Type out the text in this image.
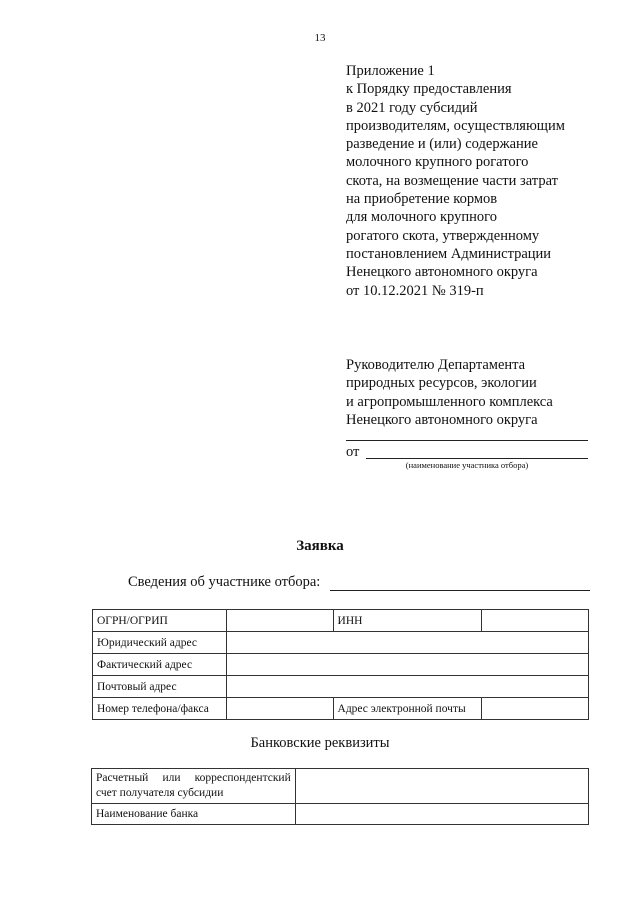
13
Приложение 1
к Порядку предоставления
в 2021 году субсидий
производителям, осуществляющим
разведение и (или) содержание
молочного крупного рогатого
скота, на возмещение части затрат
на приобретение кормов
для молочного крупного
рогатого скота, утвержденному
постановлением Администрации
Ненецкого автономного округа
от 10.12.2021 № 319-п
Руководителю Департамента
природных ресурсов, экологии
и агропромышленного комплекса
Ненецкого автономного округа
от
(наименование участника отбора)
Заявка
Сведения об участнике отбора:
ОГРН/ОГРИП		ИНН	
Юридический адрес			
Фактический адрес			
Почтовый адрес			
Номер телефона/факса		Адрес электронной почты	
Банковские реквизиты
Расчетный или корреспондентский
счет получателя субсидии	
Наименование банка	
